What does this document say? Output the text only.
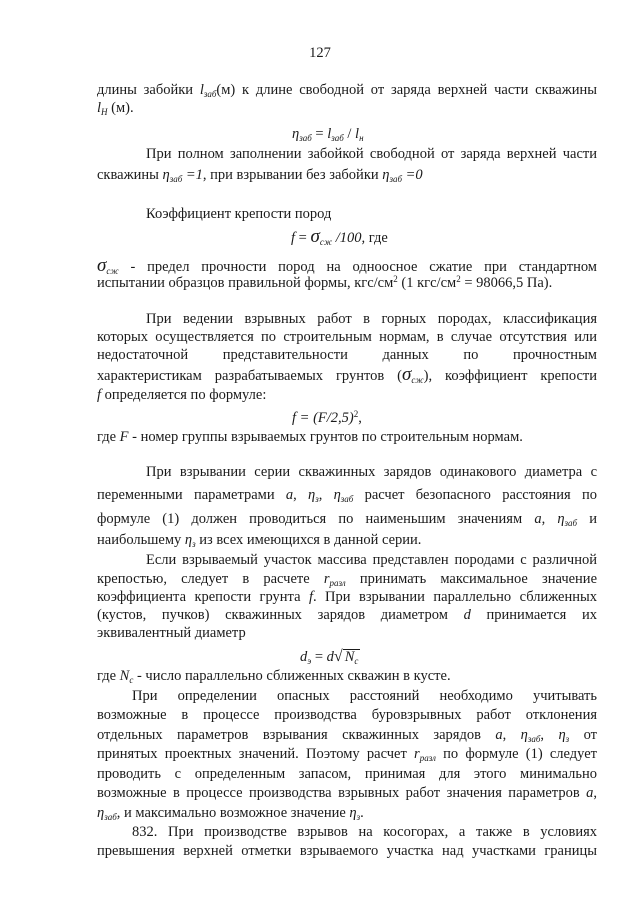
127
длины забойки $l_{заб}(м)$ к длине свободной от заряда верхней части скважины
$l_Н$ (м).
$\eta_{заб} = l_{заб} / l_н$
При полном заполнении забойкой свободной от заряда верхней части
скважины $\eta_{заб} =1$, при взрывании без забойки $\eta_{заб} =0$
Коэффициент крепости пород
$f = \sigma_{сж}$ /100, где
$\sigma_{сж}$ - предел прочности пород на одноосное сжатие при стандартном
испытании образцов правильной формы, кгс/$см^2$ (1 кгс/$см^2 = 98066,5$ Па).
При ведении взрывных работ в горных породах, классификация
которых осуществляется по строительным нормам, в случае отсутствия или
недостаточной представительности данных по прочностным
характеристикам разрабатываемых грунтов $(\sigma_{сж})$, коэффициент крепости
f определяется по формуле:
$f = (F/2,5)^2$,
где F - номер группы взрываемых грунтов по строительным нормам.
При взрывании серии скважинных зарядов одинакового диаметра с
переменными параметрами a, $\eta_з$, $\eta_{заб}$ расчет безопасного расстояния по
формуле (1) должен проводиться по наименьшим значениям a, $\eta_{заб}$ и
наибольшему $\eta_з$ из всех имеющихся в данной серии.
Если взрываемый участок массива представлен породами с различной
крепостью, следует в расчете $r_{разл}$ принимать максимальное значение
коэффициента крепости грунта f. При взрывании параллельно сближенных
(кустов, пучков) скважинных зарядов диаметром d принимается их
эквивалентный диаметр
$d_э = d√$ $N_c$
где $N_c$ - число параллельно сближенных скважин в кусте.
При определении опасных расстояний необходимо учитывать
возможные в процессе производства буровзрывных работ отклонения
отдельных параметров взрывания скважинных зарядов a, $\eta_{заб}$, $\eta_з$ от
принятых проектных значений. Поэтому расчет $r_{разл}$ по формуле (1) следует
проводить с определенным запасом, принимая для этого минимально
возможные в процессе производства взрывных работ значения параметров a,
$\eta_{заб}$, и максимально возможное значение $\eta_з$.
832. При производстве взрывов на косогорах, а также в условиях
превышения верхней отметки взрываемого участка над участками границы
